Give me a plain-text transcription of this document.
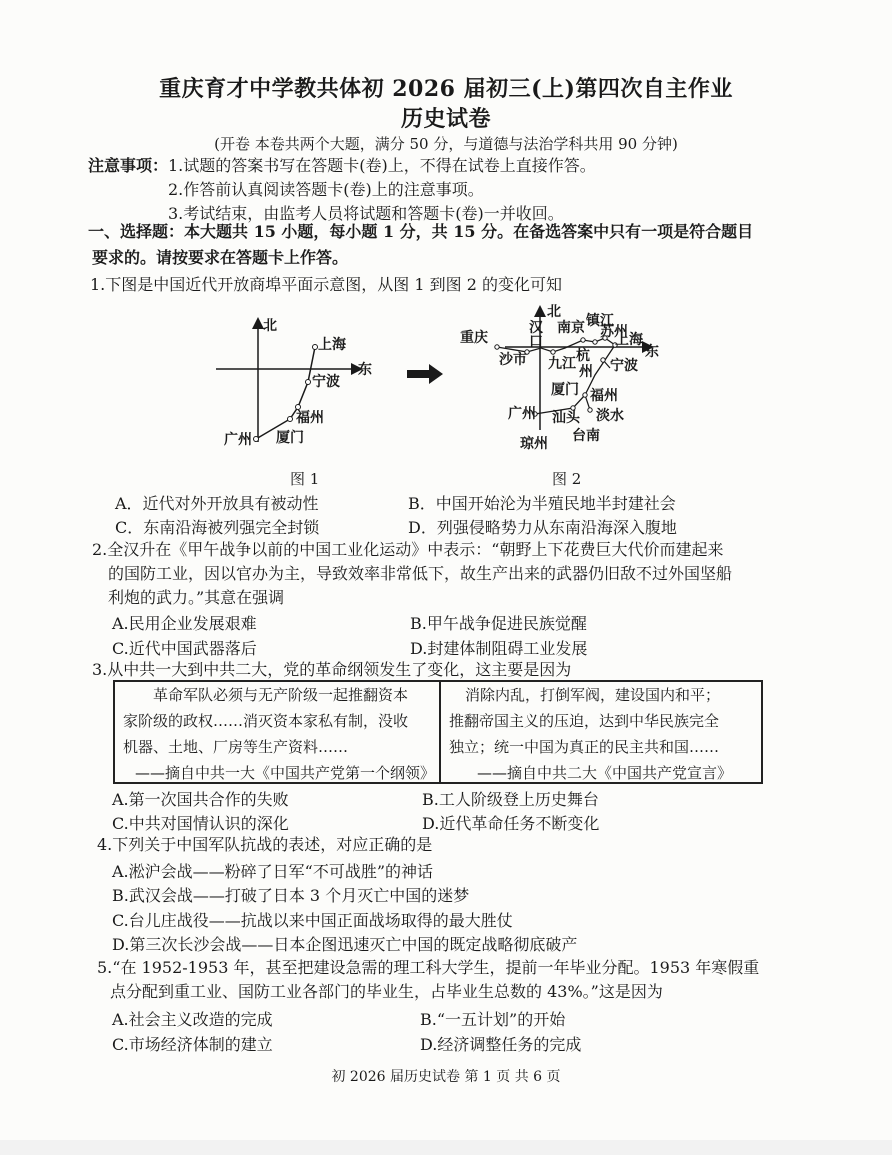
重庆育才中学教共体初 2026 届初三(上)第四次自主作业
历史试卷
(开卷 本卷共两个大题，满分 50 分，与道德与法治学科共用 90 分钟)
注意事项： 1.试题的答案书写在答题卡(卷)上，不得在试卷上直接作答。
2.作答前认真阅读答题卡(卷)上的注意事项。
3.考试结束，由监考人员将试题和答题卡(卷)一并收回。
一、选择题：本大题共 15 小题，每小题 1 分，共 15 分。在备选答案中只有一项是符合题目
要求的。请按要求在答题卡上作答。
1.下图是中国近代开放商埠平面示意图，从图 1 到图 2 的变化可知
北
东
上海
宁波
福州
厦门
广州
北
东
重庆
汉
口
沙市
南京 镇江
苏州
上海
九江 杭
州 宁波
厦门 福州
广州 汕头 淡水
台南
琼州
图 1	图 2
A．近代对外开放具有被动性	B．中国开始沦为半殖民地半封建社会
C．东南沿海被列强完全封锁	D．列强侵略势力从东南沿海深入腹地
2.全汉升在《甲午战争以前的中国工业化运动》中表示：“朝野上下花费巨大代价而建起来
的国防工业，因以官办为主，导致效率非常低下，故生产出来的武器仍旧敌不过外国坚船
利炮的武力。”其意在强调
A.民用企业发展艰难	B.甲午战争促进民族觉醒
C.近代中国武器落后	D.封建体制阻碍工业发展
3.从中共一大到中共二大，党的革命纲领发生了变化，这主要是因为
革命军队必须与无产阶级一起推翻资本
家阶级的政权……消灭资本家私有制，没收
机器、土地、厂房等生产资料……
——摘自中共一大《中国共产党第一个纲领》
消除内乱，打倒军阀，建设国内和平；
推翻帝国主义的压迫，达到中华民族完全
独立；统一中国为真正的民主共和国……
——摘自中共二大《中国共产党宣言》
A.第一次国共合作的失败	B.工人阶级登上历史舞台
C.中共对国情认识的深化	D.近代革命任务不断变化
4.下列关于中国军队抗战的表述，对应正确的是
A.淞沪会战——粉碎了日军“不可战胜”的神话
B.武汉会战——打破了日本 3 个月灭亡中国的迷梦
C.台儿庄战役——抗战以来中国正面战场取得的最大胜仗
D.第三次长沙会战——日本企图迅速灭亡中国的既定战略彻底破产
5.“在 1952-1953 年，甚至把建设急需的理工科大学生，提前一年毕业分配。1953 年寒假重
点分配到重工业、国防工业各部门的毕业生，占毕业生总数的 43%。”这是因为
A.社会主义改造的完成	B.“一五计划”的开始
C.市场经济体制的建立	D.经济调整任务的完成
初 2026 届历史试卷 第 1 页 共 6 页
